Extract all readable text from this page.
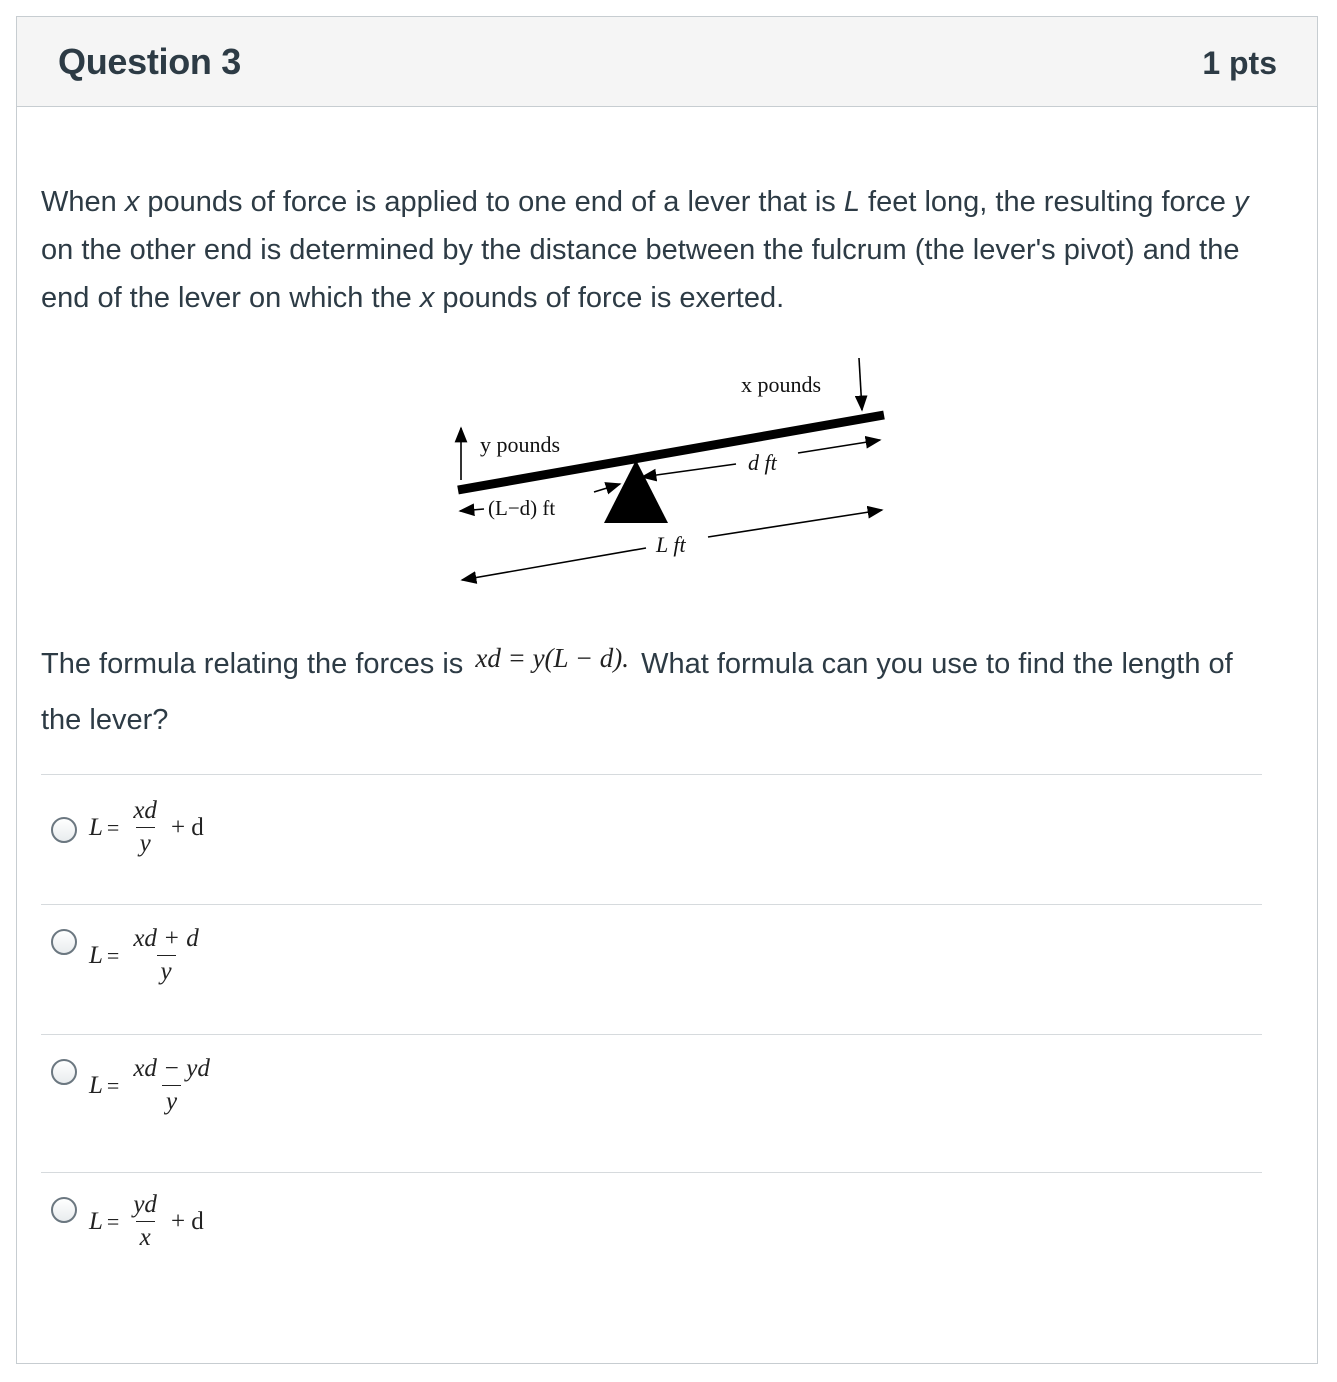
Question 3	1 pts
When x pounds of force is applied to one end of a lever that is L feet long, the resulting force y on the other end is determined by the distance between the fulcrum (the lever's pivot) and the end of the lever on which the x pounds of force is exerted.
y pounds
x pounds
d ft
(L−d) ft
L ft
The formula relating the forces is xd = y(L − d). What formula can you use to find the length of the lever?
$L = \frac{xd}{y} + d$
$L = \frac{xd + d}{y}$
$L = \frac{xd - yd}{y}$
$L = \frac{yd}{x} + d$
